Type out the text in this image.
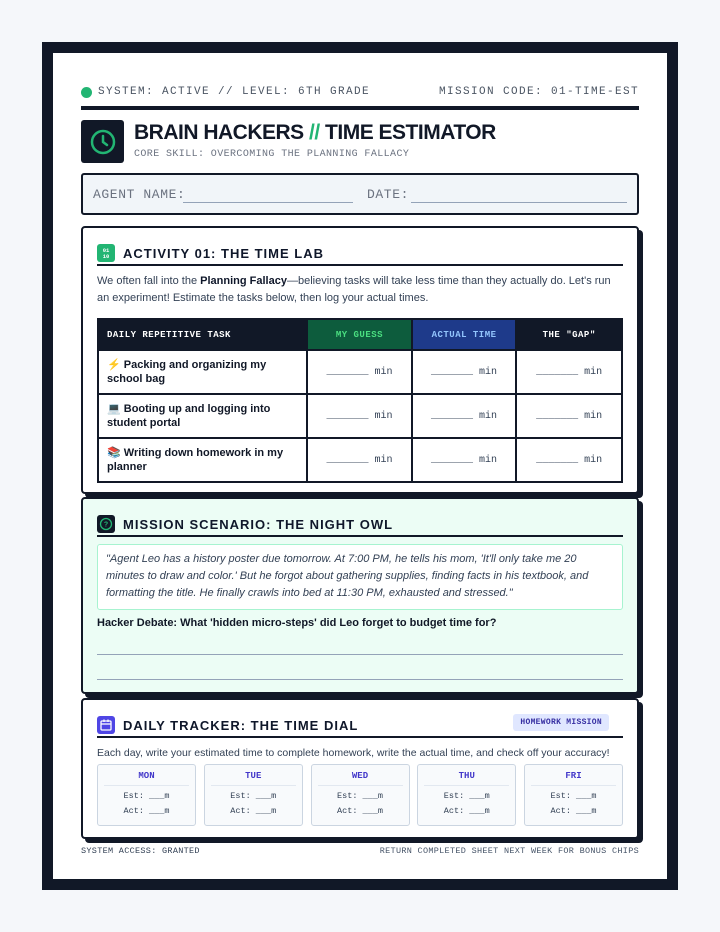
SYSTEM: ACTIVE // LEVEL: 6TH GRADE	MISSION CODE: 01-TIME-EST
BRAIN HACKERS // TIME ESTIMATOR
CORE SKILL: OVERCOMING THE PLANNING FALLACY
AGENT NAME:	DATE:
01
10 ACTIVITY 01: THE TIME LAB
We often fall into the Planning Fallacy—believing tasks will take less time than they actually do. Let's run an experiment! Estimate the tasks below, then log your actual times.
DAILY REPETITIVE TASK	MY GUESS	ACTUAL TIME	THE "GAP"
⚡ Packing and organizing my school bag	_______ min	_______ min	_______ min
💻 Booting up and logging into student portal	_______ min	_______ min	_______ min
📚 Writing down homework in my planner	_______ min	_______ min	_______ min
? MISSION SCENARIO: THE NIGHT OWL
"Agent Leo has a history poster due tomorrow. At 7:00 PM, he tells his mom, 'It'll only take me 20 minutes to draw and color.' But he forgot about gathering supplies, finding facts in his textbook, and formatting the title. He finally crawls into bed at 11:30 PM, exhausted and stressed."
Hacker Debate: What 'hidden micro-steps' did Leo forget to budget time for?
DAILY TRACKER: THE TIME DIAL	HOMEWORK MISSION
Each day, write your estimated time to complete homework, write the actual time, and check off your accuracy!
MON
Est: ___m
Act: ___m
TUE
Est: ___m
Act: ___m
WED
Est: ___m
Act: ___m
THU
Est: ___m
Act: ___m
FRI
Est: ___m
Act: ___m
SYSTEM ACCESS: GRANTED	RETURN COMPLETED SHEET NEXT WEEK FOR BONUS CHIPS
